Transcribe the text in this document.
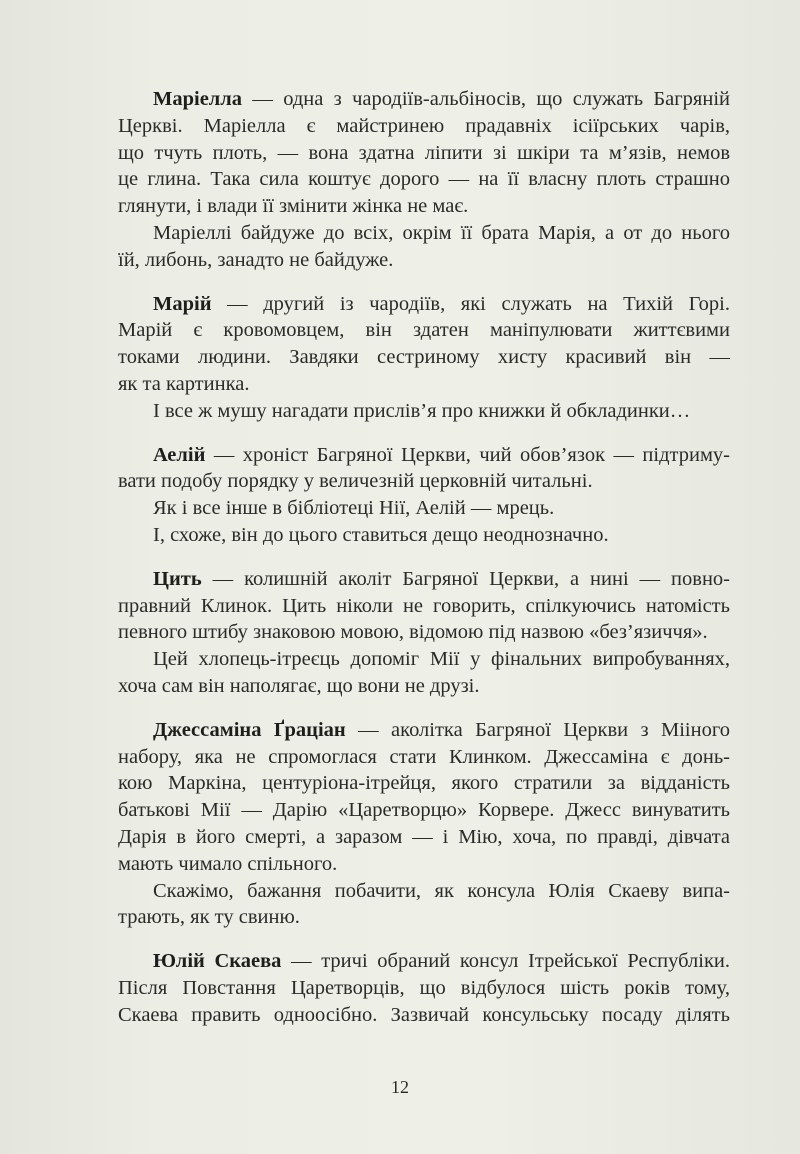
Маріелла — одна з чародіїв-альбіносів, що служать Багряній
Церкві. Маріелла є майстринею прадавніх ісіїрських чарів,
що тчуть плоть, — вона здатна ліпити зі шкіри та м’язів, немов
це глина. Така сила коштує дорого — на її власну плоть страшно
глянути, і влади її змінити жінка не має.
Маріеллі байдуже до всіх, окрім її брата Марія, а от до нього
їй, либонь, занадто не байдуже.
Марій — другий із чародіїв, які служать на Тихій Горі.
Марій є кровомовцем, він здатен маніпулювати життєвими
токами людини. Завдяки сестриному хисту красивий він —
як та картинка.
І все ж мушу нагадати прислів’я про книжки й обкладинки…
Аелій — хроніст Багряної Церкви, чий обов’язок — підтриму-
вати подобу порядку у величезній церковній читальні.
Як і все інше в бібліотеці Нії, Аелій — мрець.
І, схоже, він до цього ставиться дещо неоднозначно.
Цить — колишній аколіт Багряної Церкви, а нині — повно-
правний Клинок. Цить ніколи не говорить, спілкуючись натомість
певного штибу знаковою мовою, відомою під назвою «без’язиччя».
Цей хлопець-ітреєць допоміг Мії у фінальних випробуваннях,
хоча сам він наполягає, що вони не друзі.
Джессаміна Ґраціан — аколітка Багряної Церкви з Мііного
набору, яка не спромоглася стати Клинком. Джессаміна є донь-
кою Маркіна, центуріона-ітрейця, якого стратили за відданість
батькові Мії — Дарію «Царетворцю» Корвере. Джесс винуватить
Дарія в його смерті, а заразом — і Мію, хоча, по правді, дівчата
мають чимало спільного.
Скажімо, бажання побачити, як консула Юлія Скаеву випа-
трають, як ту свиню.
Юлій Скаева — тричі обраний консул Ітрейської Республіки.
Після Повстання Царетворців, що відбулося шість років тому,
Скаева править одноосібно. Зазвичай консульську посаду ділять
12
